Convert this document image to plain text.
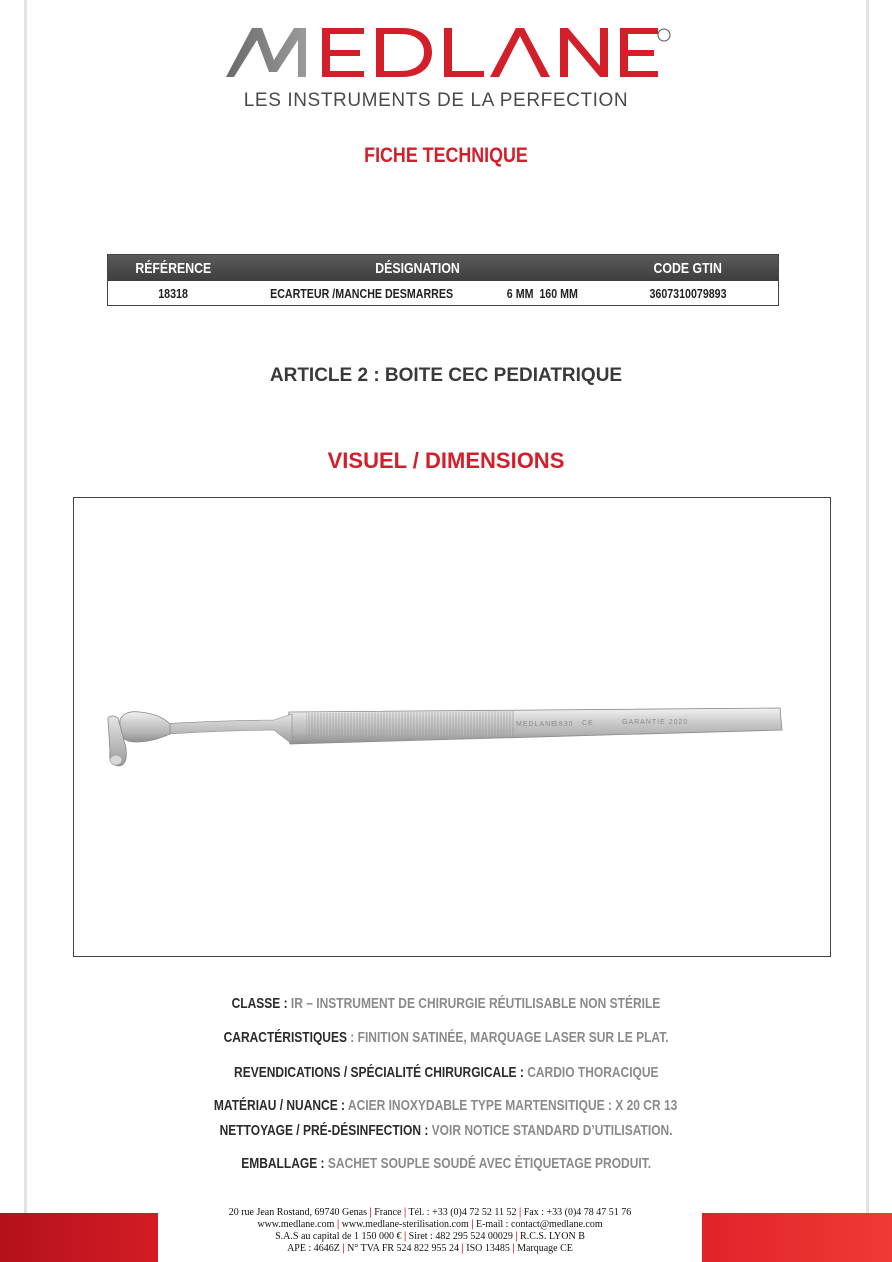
LES INSTRUMENTS DE LA PERFECTION
FICHE TECHNIQUE
RÉFÉRENCE	DÉSIGNATION	CODE GTIN
18318	ECARTEUR /MANCHE DESMARRES	6 MM  160 MM	3607310079893
ARTICLE 2 : BOITE CEC PEDIATRIQUE
VISUEL / DIMENSIONS
MEDLANE
1830 CE	GARANTIE 2020
CLASSE : IR – INSTRUMENT DE CHIRURGIE RÉUTILISABLE NON STÉRILE
CARACTÉRISTIQUES : FINITION SATINÉE, MARQUAGE LASER SUR LE PLAT.
REVENDICATIONS / SPÉCIALITÉ CHIRURGICALE : CARDIO THORACIQUE
MATÉRIAU / NUANCE : ACIER INOXYDABLE TYPE MARTENSITIQUE : X 20 CR 13
NETTOYAGE / PRÉ-DÉSINFECTION : VOIR NOTICE STANDARD D’UTILISATION.
EMBALLAGE : SACHET SOUPLE SOUDÉ AVEC ÉTIQUETAGE PRODUIT.
20 rue Jean Rostand, 69740 Genas | France | Tél. : +33 (0)4 72 52 11 52 | Fax : +33 (0)4 78 47 51 76
www.medlane.com | www.medlane-sterilisation.com | E-mail : contact@medlane.com
S.A.S au capital de 1 150 000 € | Siret : 482 295 524 00029 | R.C.S. LYON B
APE : 4646Z | N° TVA FR 524 822 955 24 | ISO 13485 | Marquage CE
